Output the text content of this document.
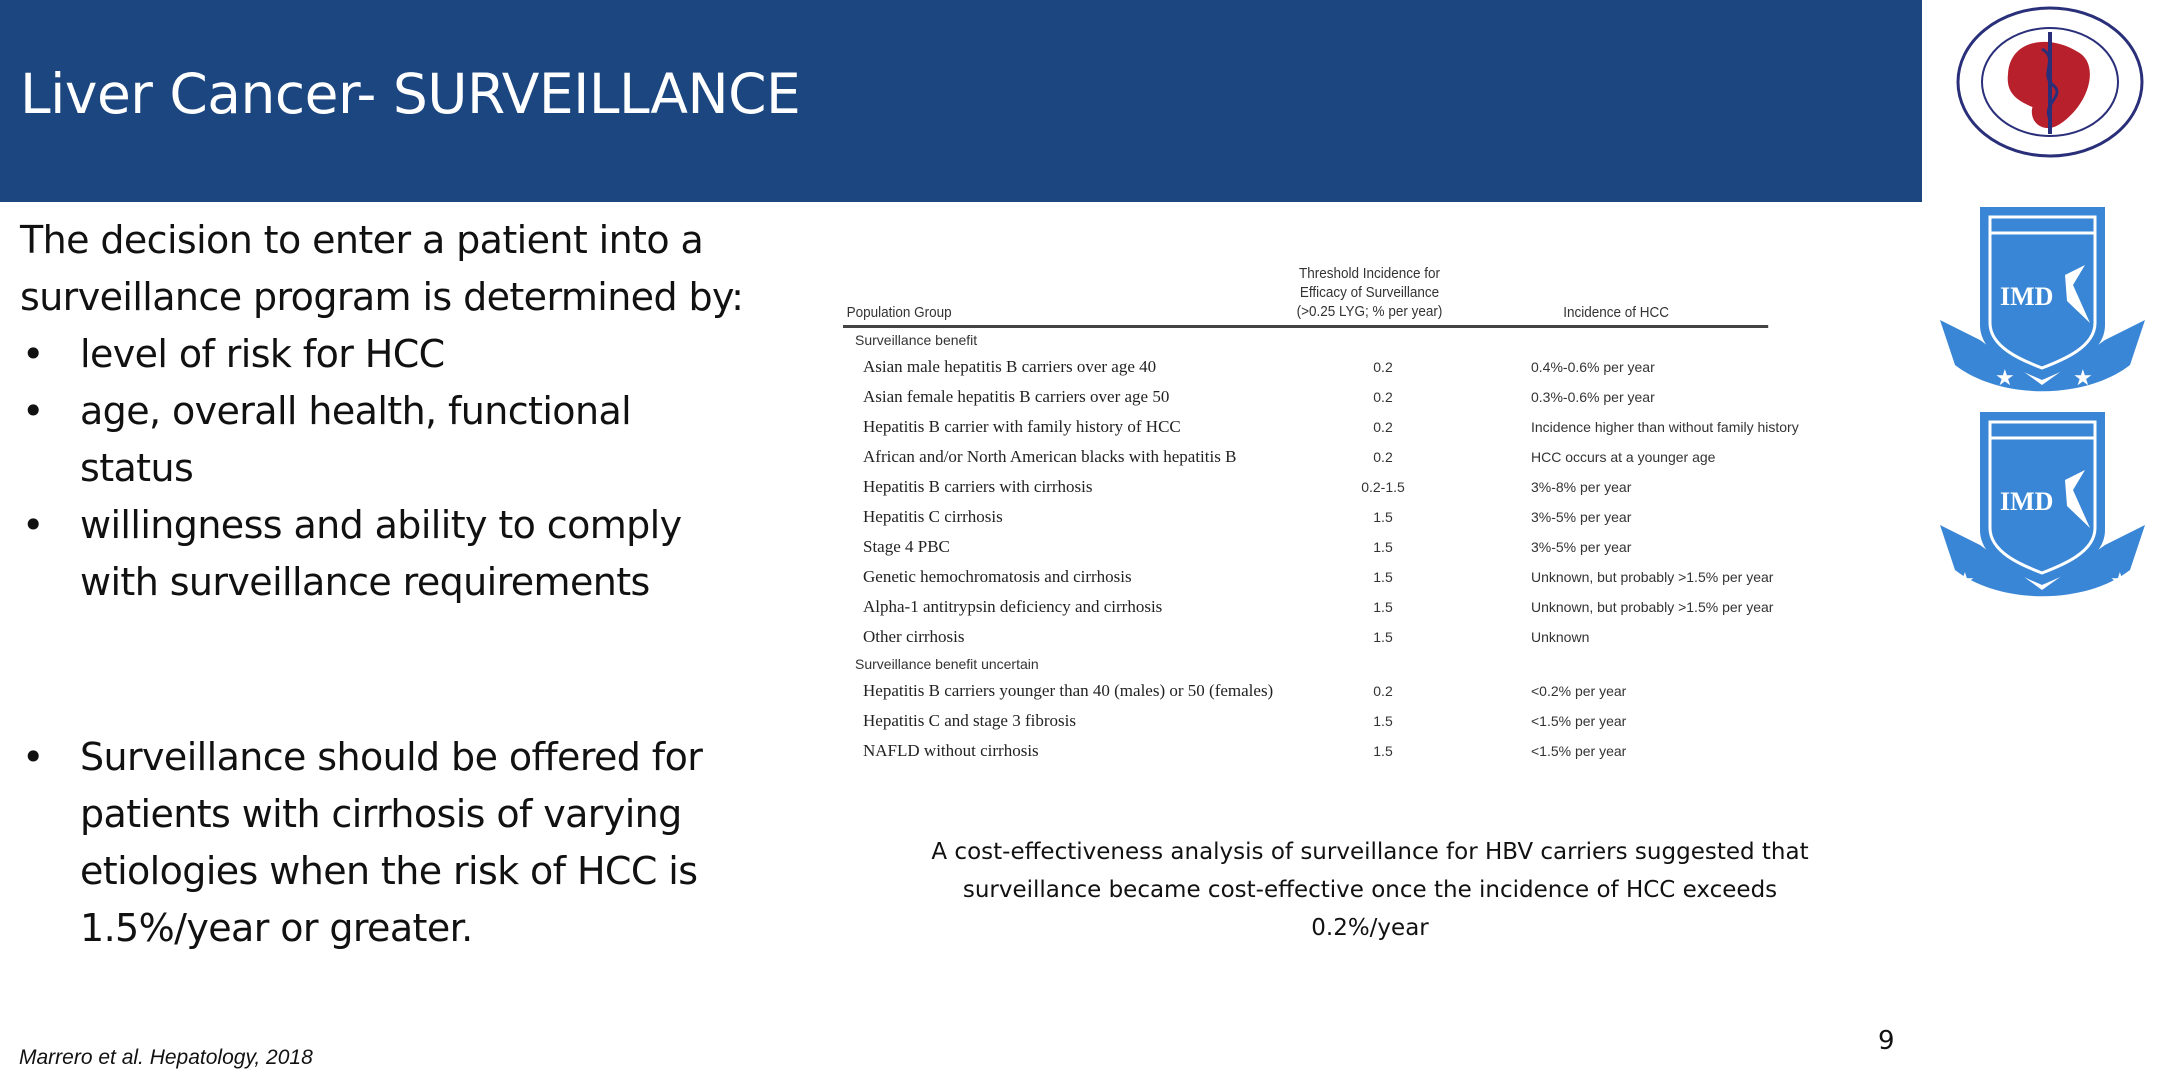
Liver Cancer- SURVEILLANCE
The decision to enter a patient into a
surveillance program is determined by:
• level of risk for HCC
• age, overall health, functional
status
• willingness and ability to comply
with surveillance requirements
• Surveillance should be offered for
patients with cirrhosis of varying
etiologies when the risk of HCC is
1.5%/year or greater.
Population Group
Threshold Incidence for
Efficacy of Surveillance
(>0.25 LYG; % per year)	Incidence of HCC
Surveillance benefit
Asian male hepatitis B carriers over age 40	0.2	0.4%-0.6% per year
Asian female hepatitis B carriers over age 50	0.2	0.3%-0.6% per year
Hepatitis B carrier with family history of HCC	0.2	Incidence higher than without family history
African and/or North American blacks with hepatitis B	0.2	HCC occurs at a younger age
Hepatitis B carriers with cirrhosis	0.2-1.5	3%-8% per year
Hepatitis C cirrhosis	1.5	3%-5% per year
Stage 4 PBC	1.5	3%-5% per year
Genetic hemochromatosis and cirrhosis	1.5	Unknown, but probably >1.5% per year
Alpha-1 antitrypsin deficiency and cirrhosis	1.5	Unknown, but probably >1.5% per year
Other cirrhosis	1.5	Unknown
Surveillance benefit uncertain
Hepatitis B carriers younger than 40 (males) or 50 (females)	0.2	<0.2% per year
Hepatitis C and stage 3 fibrosis	1.5	<1.5% per year
NAFLD without cirrhosis	1.5	<1.5% per year
A cost-effectiveness analysis of surveillance for HBV carriers suggested that
surveillance became cost-effective once the incidence of HCC exceeds
0.2%/year
Marrero et al. Hepatology, 2018
9
IMD
★	★
IMD
★	★
